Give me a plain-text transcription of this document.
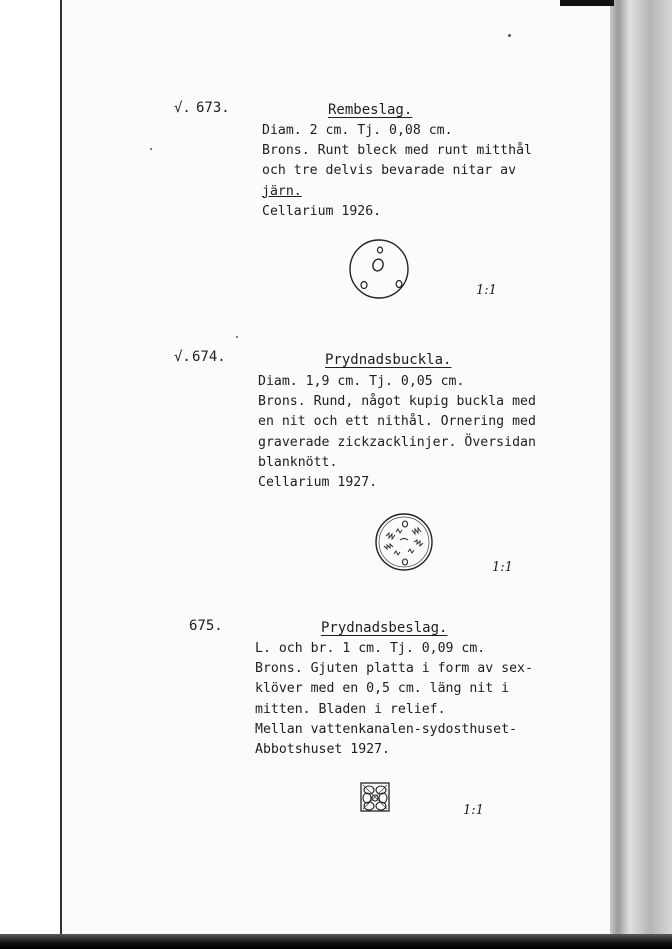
√. 673.	Rembeslag.
Diam. 2 cm. Tj. 0,08 cm.
Brons. Runt bleck med runt mitthål
och tre delvis bevarade nitar av
järn.
Cellarium 1926.
1:1
√. 674.	Prydnadsbuckla.
Diam. 1,9 cm. Tj. 0,05 cm.
Brons. Rund, något kupig buckla med
en nit och ett nithål. Ornering med
graverade zickzacklinjer. Översidan
blanknött.
Cellarium 1927.
1:1
675.	Prydnadsbeslag.
L. och br. 1 cm. Tj. 0,09 cm.
Brons. Gjuten platta i form av sex-
klöver med en 0,5 cm. läng nit i
mitten. Bladen i relief.
Mellan vattenkanalen-sydosthuset-
Abbotshuset 1927.
1:1
